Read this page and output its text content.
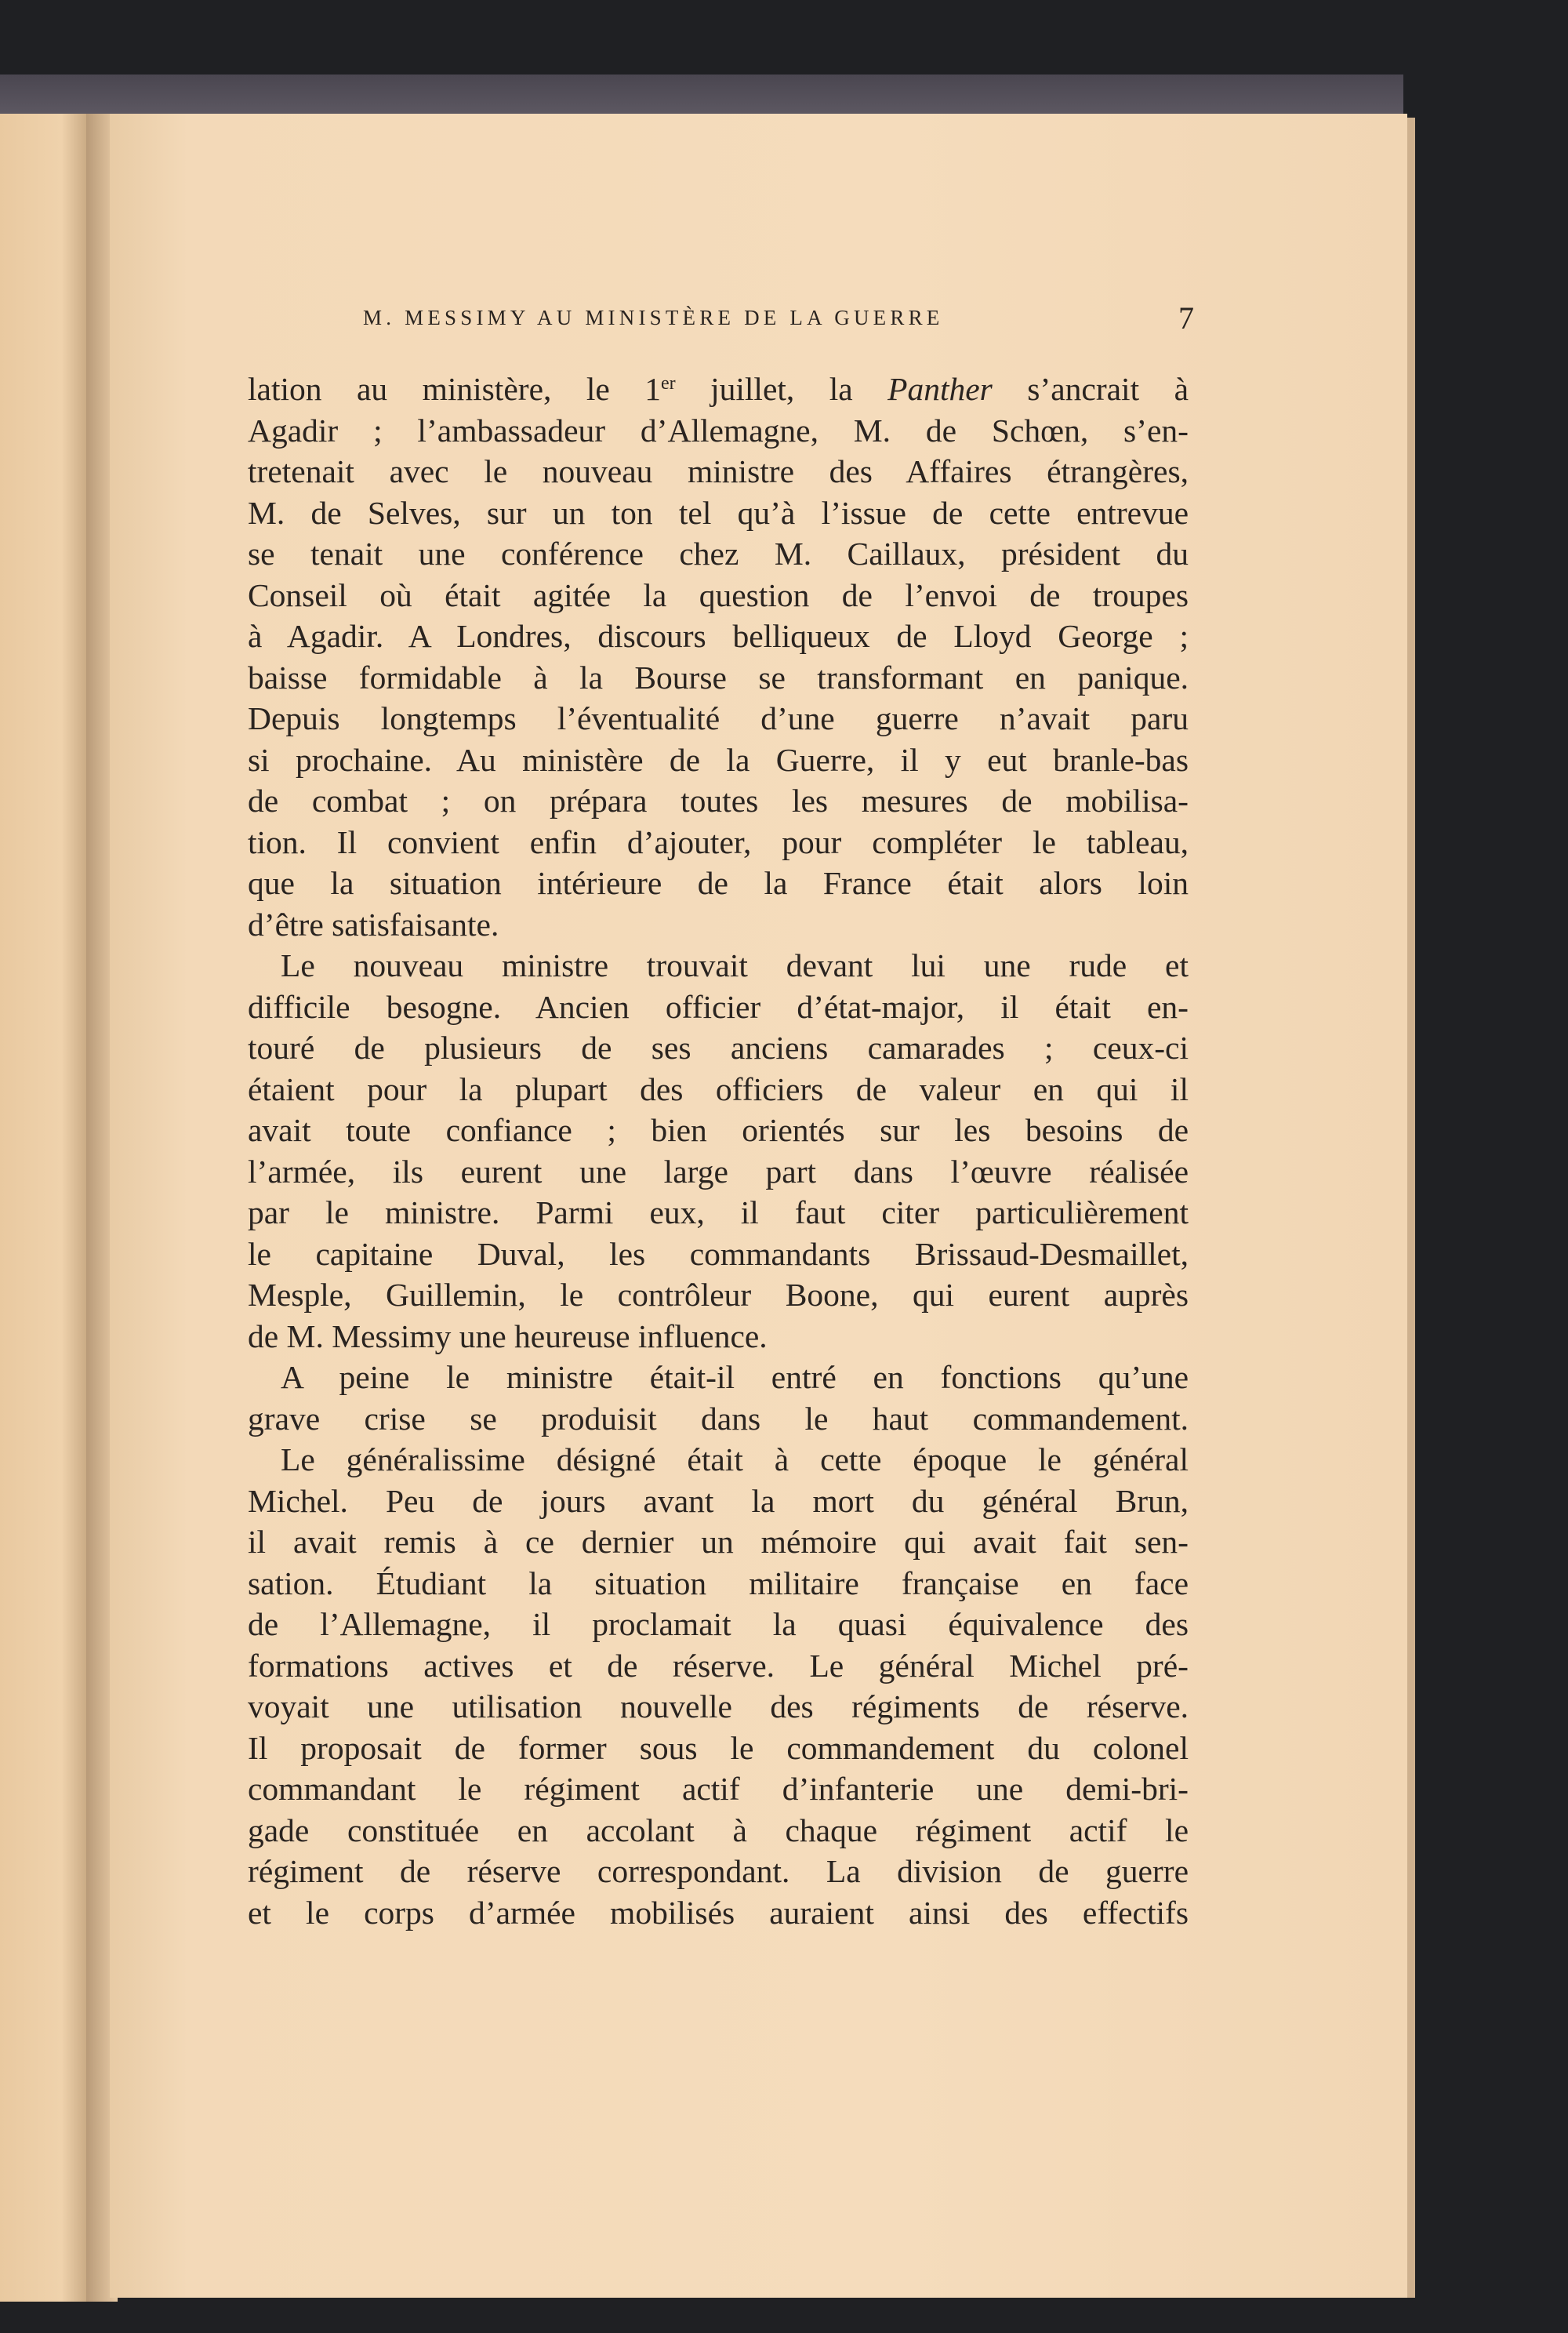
M. MESSIMY AU MINISTÈRE DE LA GUERRE	7
lation au ministère, le 1er juillet, la Panther s’ancrait à
Agadir ; l’ambassadeur d’Allemagne, M. de Schœn, s’en-
tretenait avec le nouveau ministre des Affaires étrangères,
M. de Selves, sur un ton tel qu’à l’issue de cette entrevue
se tenait une conférence chez M. Caillaux, président du
Conseil où était agitée la question de l’envoi de troupes
à Agadir. A Londres, discours belliqueux de Lloyd George ;
baisse formidable à la Bourse se transformant en panique.
Depuis longtemps l’éventualité d’une guerre n’avait paru
si prochaine. Au ministère de la Guerre, il y eut branle-bas
de combat ; on prépara toutes les mesures de mobilisa-
tion. Il convient enfin d’ajouter, pour compléter le tableau,
que la situation intérieure de la France était alors loin
d’être satisfaisante.
Le nouveau ministre trouvait devant lui une rude et
difficile besogne. Ancien officier d’état-major, il était en-
touré de plusieurs de ses anciens camarades ; ceux-ci
étaient pour la plupart des officiers de valeur en qui il
avait toute confiance ; bien orientés sur les besoins de
l’armée, ils eurent une large part dans l’œuvre réalisée
par le ministre. Parmi eux, il faut citer particulièrement
le capitaine Duval, les commandants Brissaud-Desmaillet,
Mesple, Guillemin, le contrôleur Boone, qui eurent auprès
de M. Messimy une heureuse influence.
A peine le ministre était-il entré en fonctions qu’une
grave crise se produisit dans le haut commandement.
Le généralissime désigné était à cette époque le général
Michel. Peu de jours avant la mort du général Brun,
il avait remis à ce dernier un mémoire qui avait fait sen-
sation. Étudiant la situation militaire française en face
de l’Allemagne, il proclamait la quasi équivalence des
formations actives et de réserve. Le général Michel pré-
voyait une utilisation nouvelle des régiments de réserve.
Il proposait de former sous le commandement du colonel
commandant le régiment actif d’infanterie une demi-bri-
gade constituée en accolant à chaque régiment actif le
régiment de réserve correspondant. La division de guerre
et le corps d’armée mobilisés auraient ainsi des effectifs
